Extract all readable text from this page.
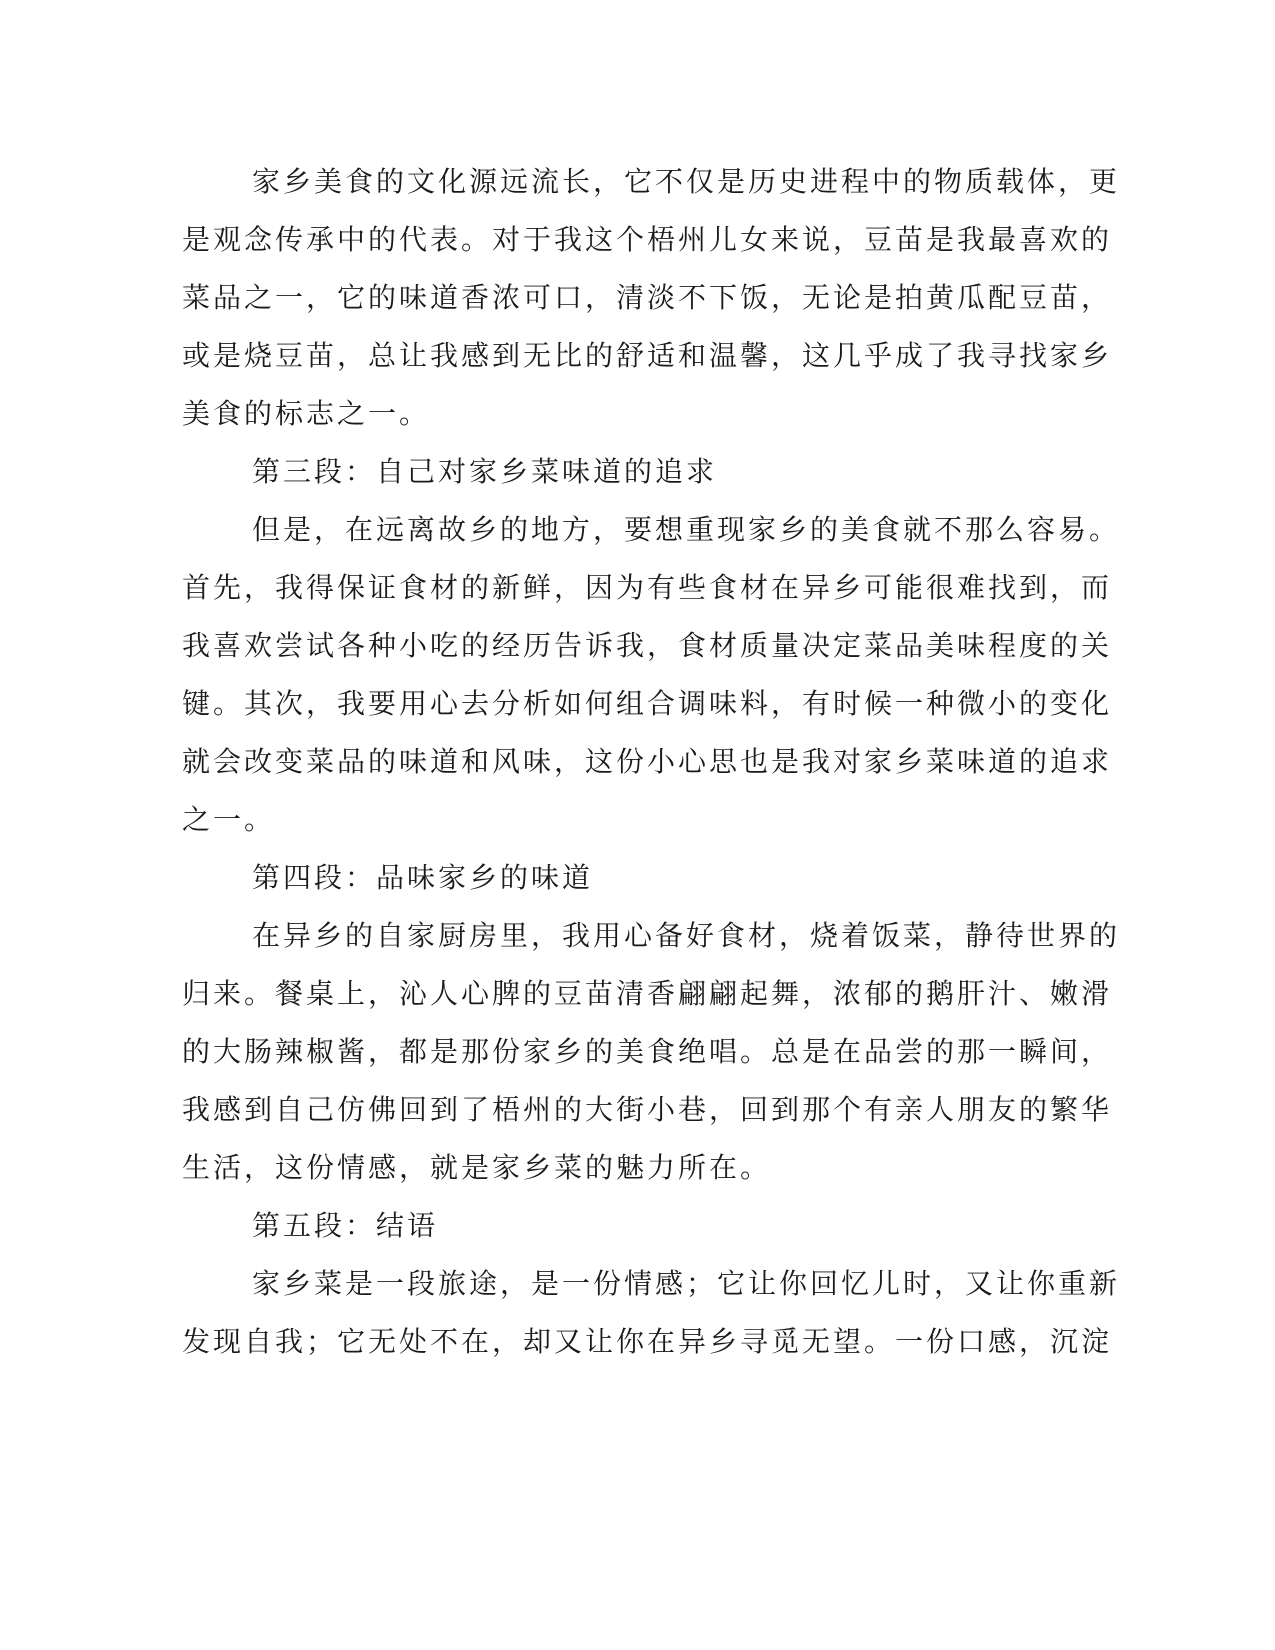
家乡美食的文化源远流长，它不仅是历史进程中的物质载体，更
是观念传承中的代表。对于我这个梧州儿女来说，豆苗是我最喜欢的
菜品之一，它的味道香浓可口，清淡不下饭，无论是拍黄瓜配豆苗，
或是烧豆苗，总让我感到无比的舒适和温馨，这几乎成了我寻找家乡
美食的标志之一。
第三段：自己对家乡菜味道的追求
但是，在远离故乡的地方，要想重现家乡的美食就不那么容易。
首先，我得保证食材的新鲜，因为有些食材在异乡可能很难找到，而
我喜欢尝试各种小吃的经历告诉我，食材质量决定菜品美味程度的关
键。其次，我要用心去分析如何组合调味料，有时候一种微小的变化
就会改变菜品的味道和风味，这份小心思也是我对家乡菜味道的追求
之一。
第四段：品味家乡的味道
在异乡的自家厨房里，我用心备好食材，烧着饭菜，静待世界的
归来。餐桌上，沁人心脾的豆苗清香翩翩起舞，浓郁的鹅肝汁、嫩滑
的大肠辣椒酱，都是那份家乡的美食绝唱。总是在品尝的那一瞬间，
我感到自己仿佛回到了梧州的大街小巷，回到那个有亲人朋友的繁华
生活，这份情感，就是家乡菜的魅力所在。
第五段：结语
家乡菜是一段旅途，是一份情感；它让你回忆儿时，又让你重新
发现自我；它无处不在，却又让你在异乡寻觅无望。一份口感，沉淀
